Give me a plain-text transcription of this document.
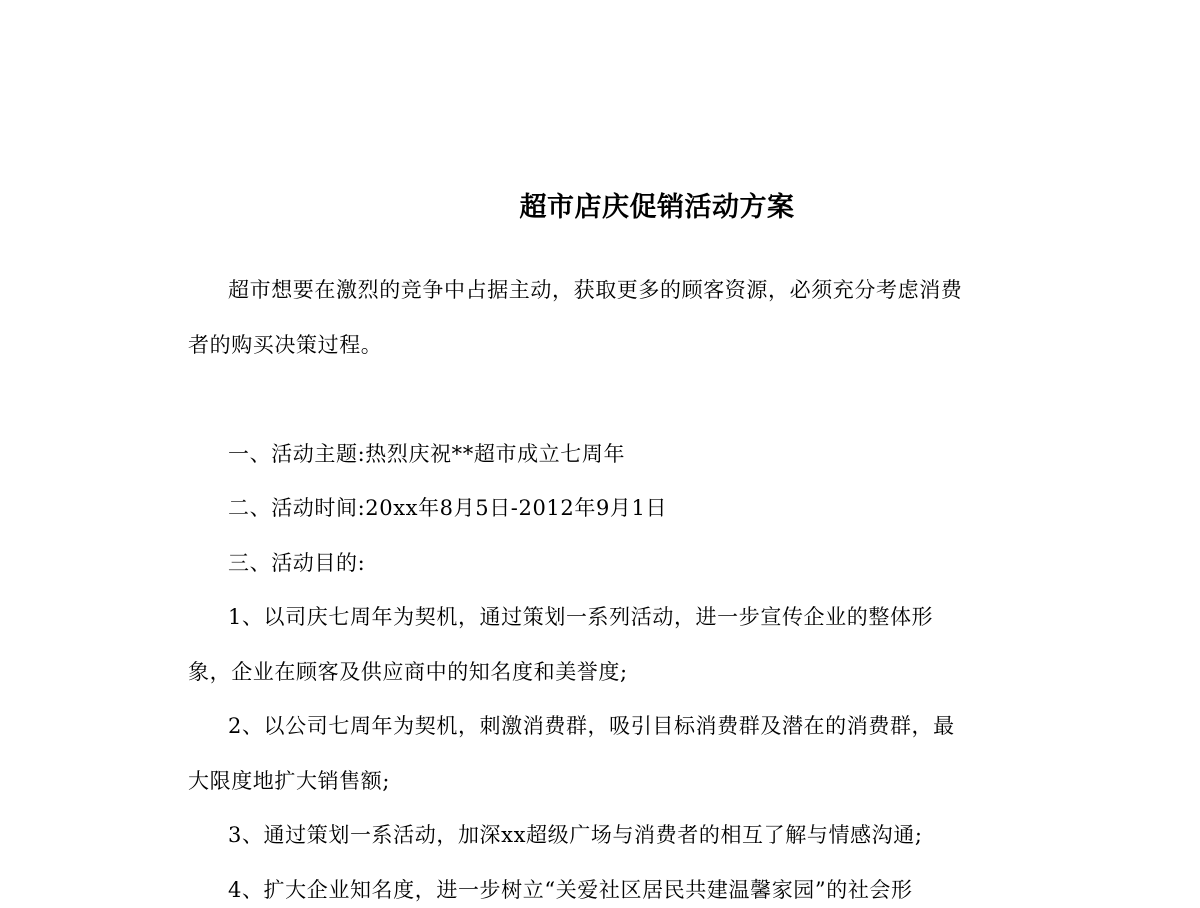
超市店庆促销活动方案
超市想要在激烈的竞争中占据主动，获取更多的顾客资源，必须充分考虑消费
者的购买决策过程。
一、活动主题:热烈庆祝**超市成立七周年
二、活动时间:20xx年8月5日-2012年9月1日
三、活动目的:
1、以司庆七周年为契机，通过策划一系列活动，进一步宣传企业的整体形
象，企业在顾客及供应商中的知名度和美誉度;
2、以公司七周年为契机，刺激消费群，吸引目标消费群及潜在的消费群，最
大限度地扩大销售额;
3、通过策划一系活动，加深xx超级广场与消费者的相互了解与情感沟通;
4、扩大企业知名度，进一步树立“关爱社区居民共建温馨家园”的社会形
